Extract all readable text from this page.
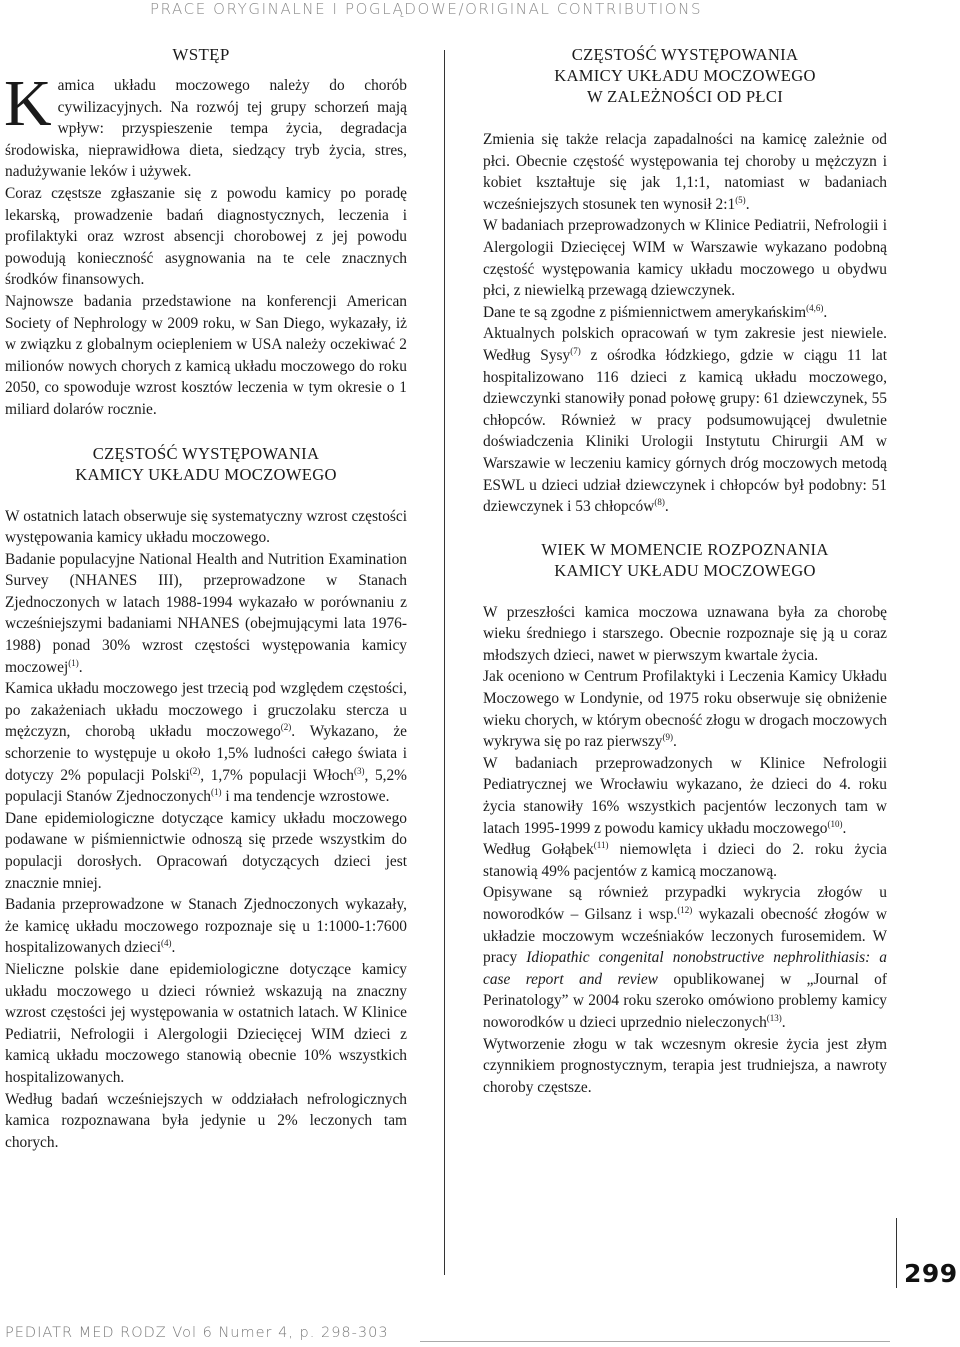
PRACE ORYGINALNE I POGLĄDOWE/ORIGINAL CONTRIBUTIONS
WSTĘP

Kamica układu moczowego należy do chorób cywilizacyjnych. Na rozwój tej grupy schorzeń mają wpływ: przyspieszenie tempa życia, degradacja środowiska, nieprawidłowa dieta, siedzący tryb życia, stres, nadużywanie leków i używek.

Coraz częstsze zgłaszanie się z powodu kamicy po poradę lekarską, prowadzenie badań diagnostycznych, leczenia i profilaktyki oraz wzrost absencji chorobowej z jej powodu powodują konieczność asygnowania na te cele znacznych środków finansowych.

Najnowsze badania przedstawione na konferencji American Society of Nephrology w 2009 roku, w San Diego, wykazały, iż w związku z globalnym ociepleniem w USA należy oczekiwać 2 milionów nowych chorych z kamicą układu moczowego do roku 2050, co spowoduje wzrost kosztów leczenia w tym okresie o 1 miliard dolarów rocznie.

CZĘSTOŚĆ WYSTĘPOWANIA
KAMICY UKŁADU MOCZOWEGO

W ostatnich latach obserwuje się systematyczny wzrost częstości występowania kamicy układu moczowego.

Badanie populacyjne National Health and Nutrition Examination Survey (NHANES III), przeprowadzone w Stanach Zjednoczonych w latach 1988-1994 wykazało w porównaniu z wcześniejszymi badaniami NHANES (obejmującymi lata 1976-1988) ponad 30% wzrost częstości występowania kamicy moczowej$^{(1)}$.

Kamica układu moczowego jest trzecią pod względem częstości, po zakażeniach układu moczowego i gruczolaku stercza u mężczyzn, chorobą układu moczowego$^{(2)}$. Wykazano, że schorzenie to występuje u około 1,5% ludności całego świata i dotyczy 2% populacji Polski$^{(2)}$, 1,7% populacji Włoch$^{(3)}$, 5,2% populacji Stanów Zjednoczonych$^{(1)}$ i ma tendencje wzrostowe.

Dane epidemiologiczne dotyczące kamicy układu moczowego podawane w piśmiennictwie odnoszą się przede wszystkim do populacji dorosłych. Opracowań dotyczących dzieci jest znacznie mniej.

Badania przeprowadzone w Stanach Zjednoczonych wykazały, że kamicę układu moczowego rozpoznaje się u 1:1000-1:7600 hospitalizowanych dzieci$^{(4)}$.

Nieliczne polskie dane epidemiologiczne dotyczące kamicy układu moczowego u dzieci również wskazują na znaczny wzrost częstości jej występowania w ostatnich latach. W Klinice Pediatrii, Nefrologii i Alergologii Dziecięcej WIM dzieci z kamicą układu moczowego stanowią obecnie 10% wszystkich hospitalizowanych.

Według badań wcześniejszych w oddziałach nefrologicznych kamica rozpoznawana była jedynie u 2% leczonych tam chorych.

CZĘSTOŚĆ WYSTĘPOWANIA
KAMICY UKŁADU MOCZOWEGO
W ZALEŻNOŚCI OD PŁCI

Zmienia się także relacja zapadalności na kamicę zależnie od płci. Obecnie częstość występowania tej choroby u mężczyzn i kobiet kształtuje się jak 1,1:1, natomiast w badaniach wcześniejszych stosunek ten wynosił 2:1$^{(5)}$.

W badaniach przeprowadzonych w Klinice Pediatrii, Nefrologii i Alergologii Dziecięcej WIM w Warszawie wykazano podobną częstość występowania kamicy układu moczowego u obydwu płci, z niewielką przewagą dziewczynek.

Dane te są zgodne z piśmiennictwem amerykańskim$^{(4,6)}$.

Aktualnych polskich opracowań w tym zakresie jest niewiele. Według Sysy$^{(7)}$ z ośrodka łódzkiego, gdzie w ciągu 11 lat hospitalizowano 116 dzieci z kamicą układu moczowego, dziewczynki stanowiły ponad połowę grupy: 61 dziewczynek, 55 chłopców. Również w pracy podsumowującej dwuletnie doświadczenia Kliniki Urologii Instytutu Chirurgii AM w Warszawie w leczeniu kamicy górnych dróg moczowych metodą ESWL u dzieci udział dziewczynek i chłopców był podobny: 51 dziewczynek i 53 chłopców$^{(8)}$.

WIEK W MOMENCIE ROZPOZNANIA
KAMICY UKŁADU MOCZOWEGO

W przeszłości kamica moczowa uznawana była za chorobę wieku średniego i starszego. Obecnie rozpoznaje się ją u coraz młodszych dzieci, nawet w pierwszym kwartale życia.

Jak oceniono w Centrum Profilaktyki i Leczenia Kamicy Układu Moczowego w Londynie, od 1975 roku obserwuje się obniżenie wieku chorych, w którym obecność złogu w drogach moczowych wykrywa się po raz pierwszy$^{(9)}$.

W badaniach przeprowadzonych w Klinice Nefrologii Pediatrycznej we Wrocławiu wykazano, że dzieci do 4. roku życia stanowiły 16% wszystkich pacjentów leczonych tam w latach 1995-1999 z powodu kamicy układu moczowego$^{(10)}$.

Według Gołąbek$^{(11)}$ niemowlęta i dzieci do 2. roku życia stanowią 49% pacjentów z kamicą moczanową.

Opisywane są również przypadki wykrycia złogów u noworodków – Gilsanz i wsp.$^{(12)}$ wykazali obecność złogów w układzie moczowym wcześniaków leczonych furosemidem. W pracy Idiopathic congenital nonobstructive nephrolithiasis: a case report and review opublikowanej w „Journal of Perinatology” w 2004 roku szeroko omówiono problemy kamicy noworodków u dzieci uprzednio nieleczonych$^{(13)}$.

Wytworzenie złogu w tak wczesnym okresie życia jest złym czynnikiem prognostycznym, terapia jest trudniejsza, a nawroty choroby częstsze.

299
PEDIATR MED RODZ Vol 6 Numer 4, p. 298-303
